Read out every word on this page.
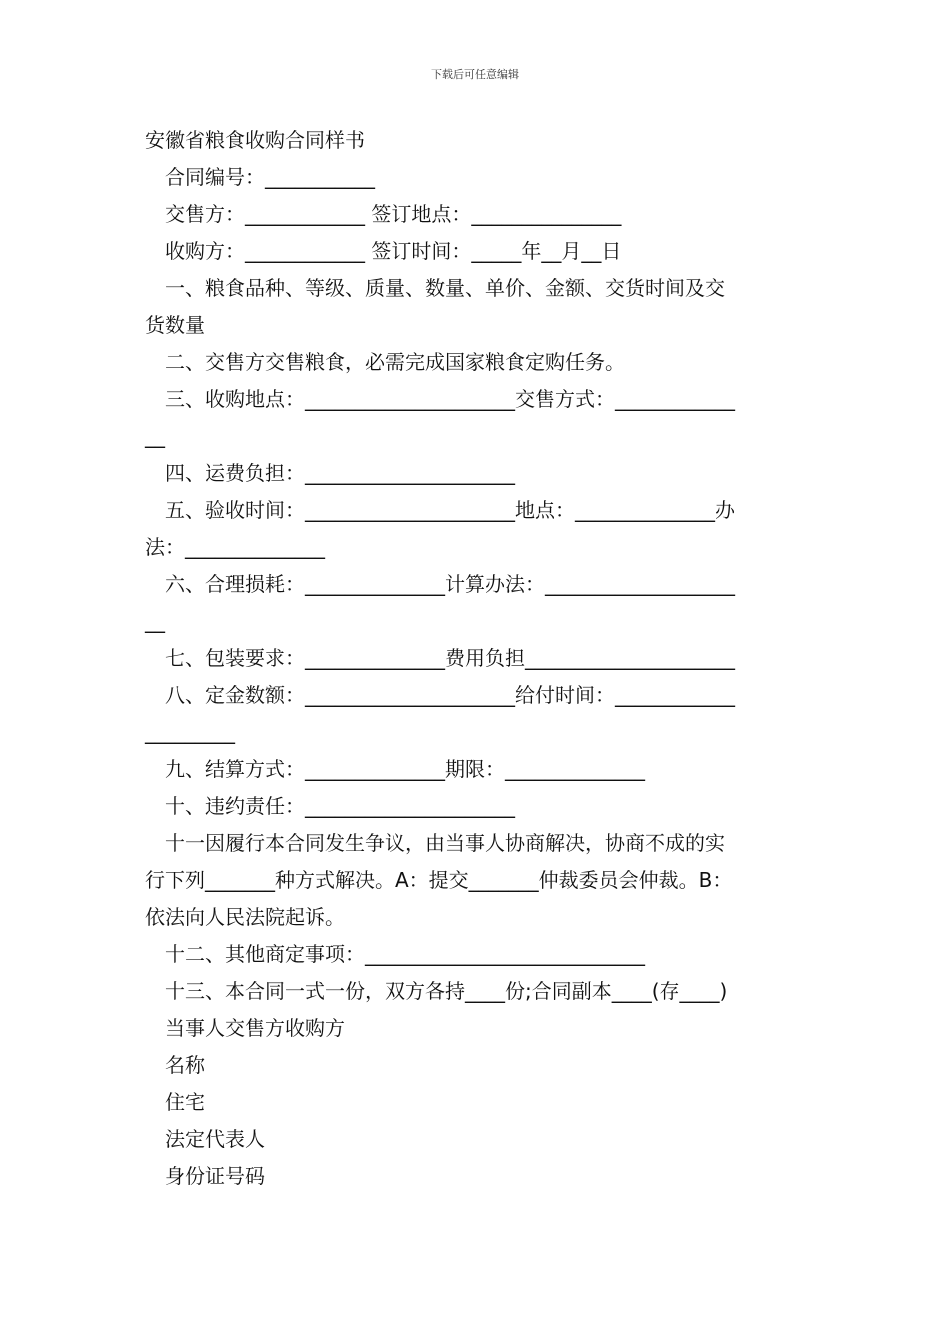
下载后可任意编辑
安徽省粮食收购合同样书
合同编号：___________
交售方：____________ 签订地点：_______________
收购方：____________ 签订时间：_____年__月__日
一、粮食品种、等级、质量、数量、单价、金额、交货时间及交
货数量
二、交售方交售粮食，必需完成国家粮食定购任务。
三、收购地点：_____________________交售方式：____________
__
四、运费负担：_____________________
五、验收时间：_____________________地点：______________办
法：______________
六、合理损耗：______________计算办法：___________________
__
七、包装要求：______________费用负担_____________________
八、定金数额：_____________________给付时间：____________
_________
九、结算方式：______________期限：______________
十、违约责任：_____________________
十一因履行本合同发生争议，由当事人协商解决，协商不成的实
行下列_______种方式解决。A：提交_______仲裁委员会仲裁。B：
依法向人民法院起诉。
十二、其他商定事项：____________________________
十三、本合同一式一份，双方各持____份;合同副本____(存____)
当事人交售方收购方
名称
住宅
法定代表人
身份证号码
